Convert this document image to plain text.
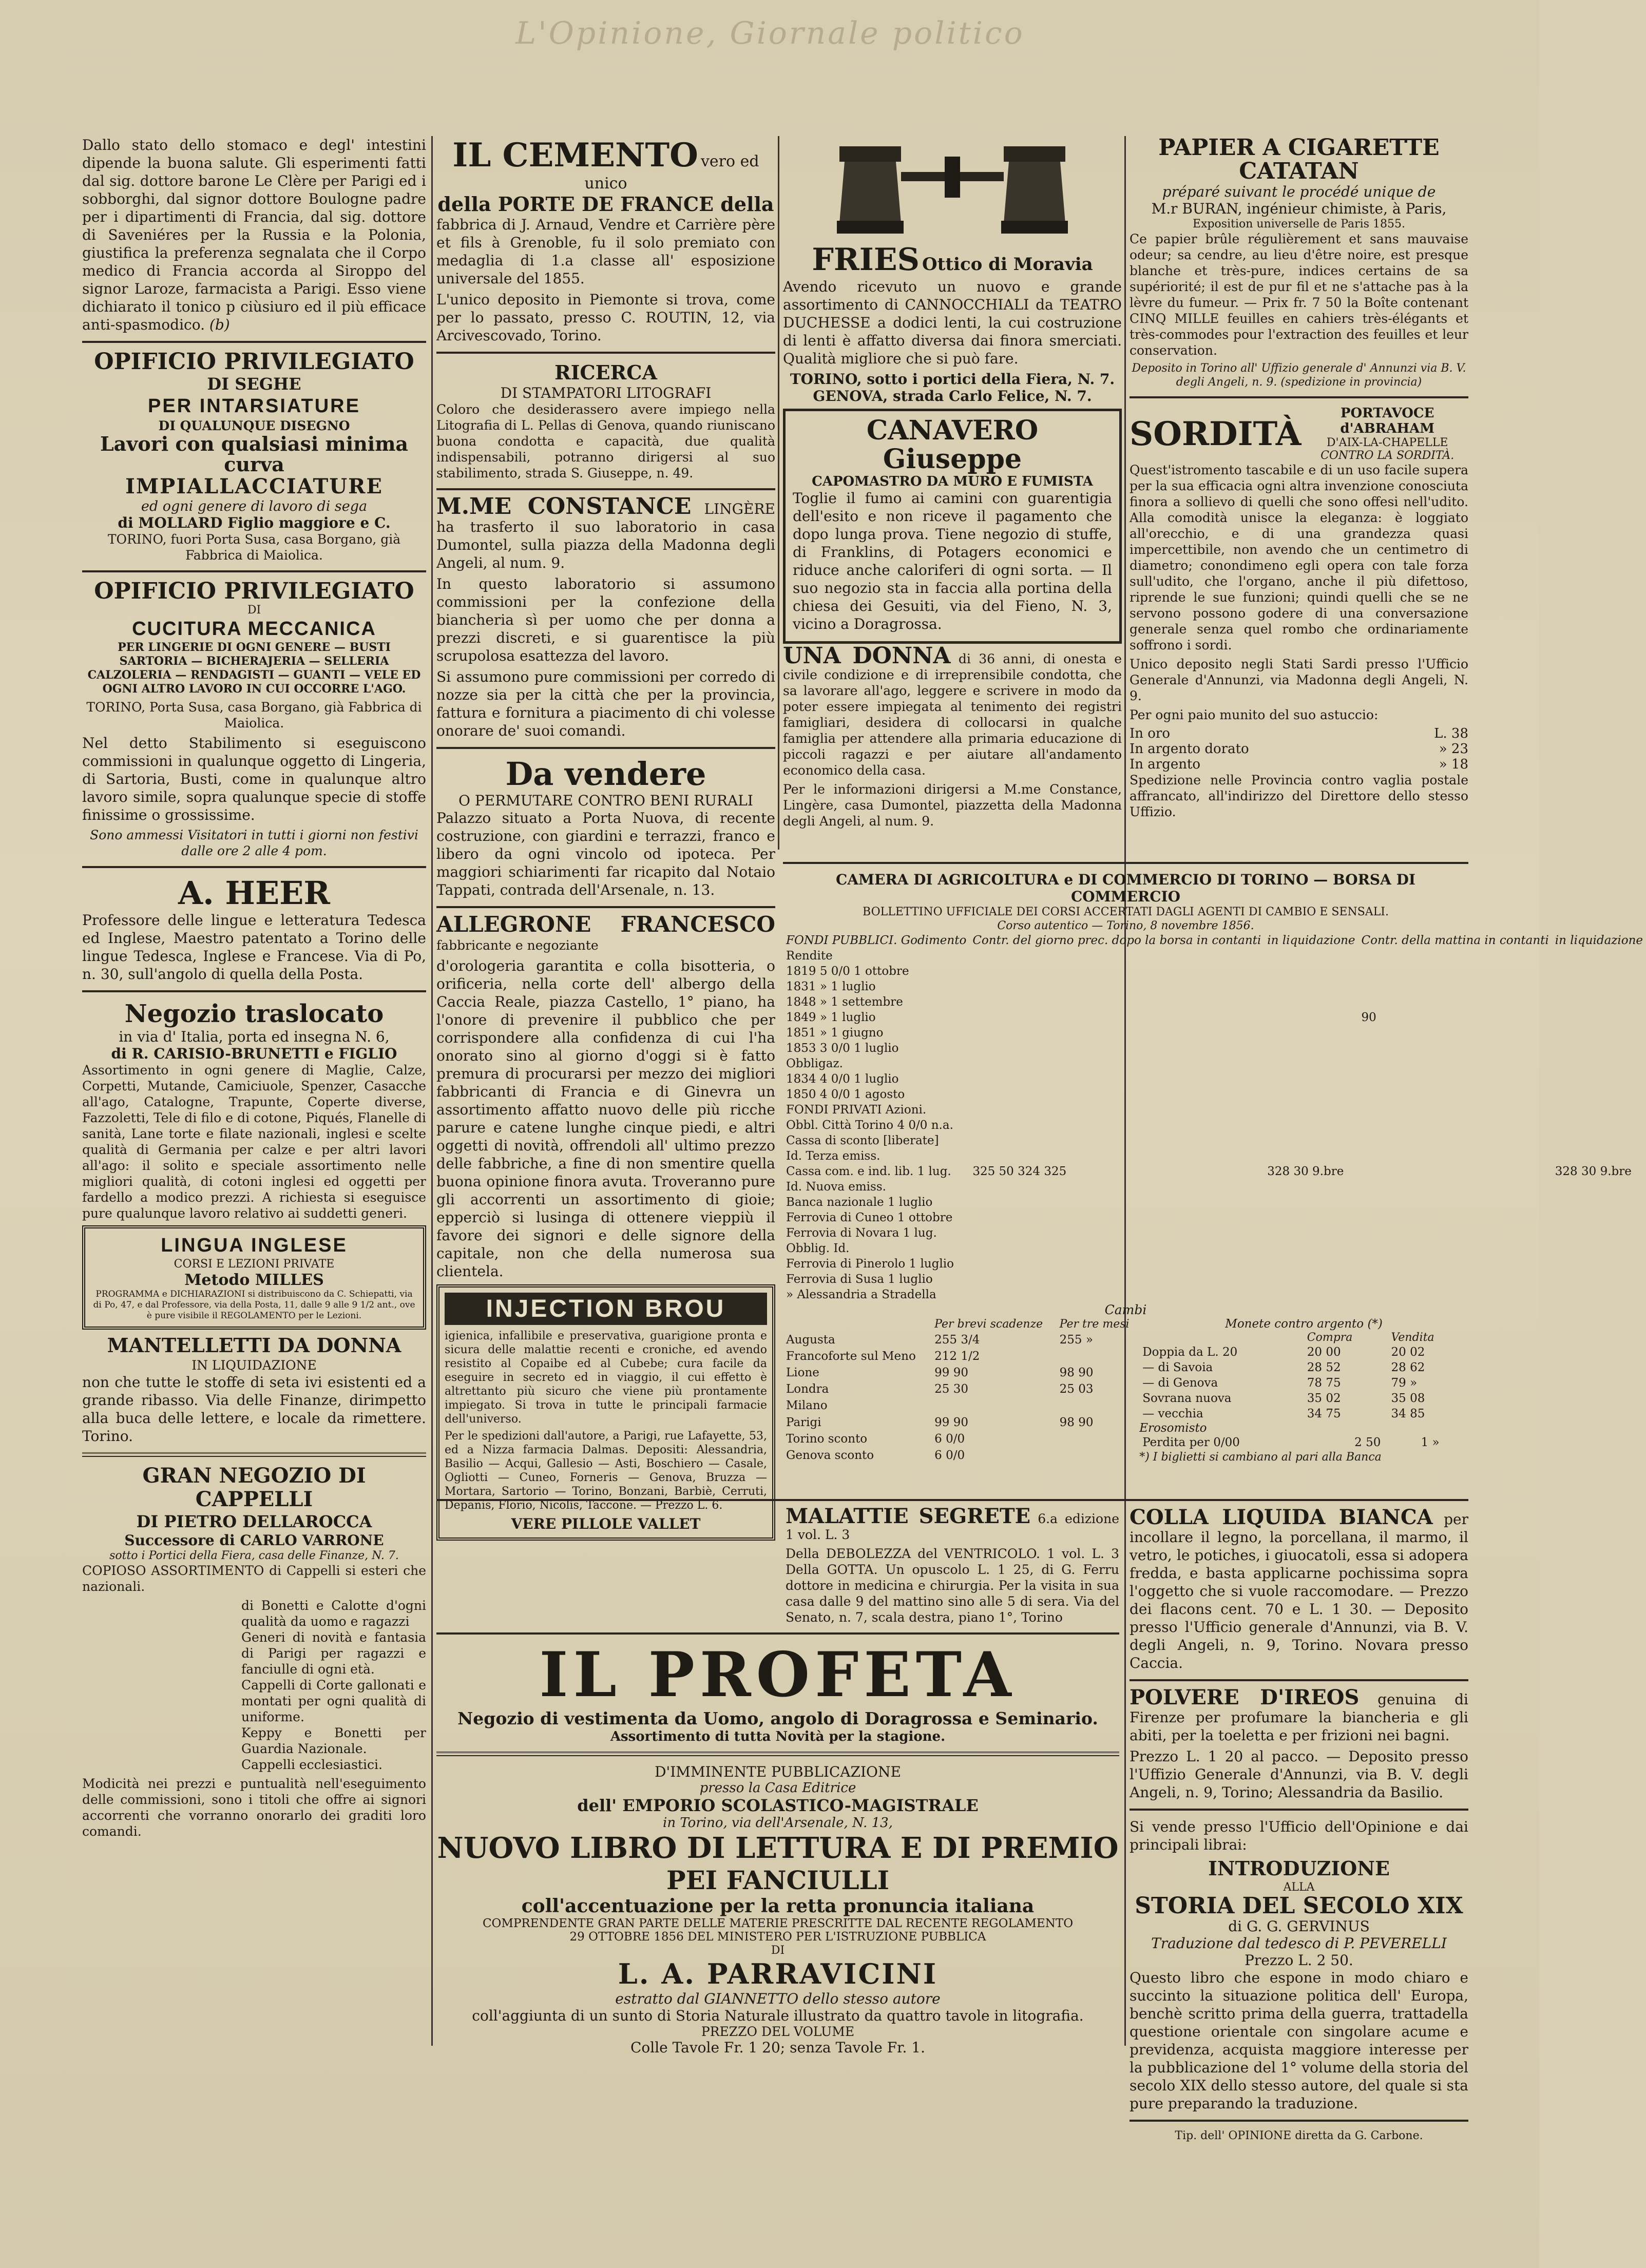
L'Opinione, Giornale politico

Dallo stato dello stomaco e degl' intestini dipende la buona salute. Gli esperimenti fatti dal sig. dottore barone Le Clère per Parigi ed i sobborghi, dal signor dottore Boulogne padre per i dipartimenti di Francia, dal sig. dottore di Saveniéres per la Russia e la Polonia, giustifica la preferenza segnalata che il Corpo medico di Francia accorda al Siroppo del signor Laroze, farmacista a Parigi. Esso viene dichiarato il tonico p ciùsiuro ed il più efficace anti-spasmodico. (b)

OPIFICIO PRIVILEGIATO
DI SEGHE
PER INTARSIATURE
DI QUALUNQUE DISEGNO
Lavori con qualsiasi minima curva
IMPIALLACCIATURE
ed ogni genere di lavoro di sega
di MOLLARD Figlio maggiore e C.
TORINO, fuori Porta Susa, casa Borgano, già Fabbrica di Maiolica.
OPIFICIO PRIVILEGIATO
DI
CUCITURA MECCANICA
PER LINGERIE DI OGNI GENERE — BUSTI SARTORIA — BICHERAJERIA — SELLERIA CALZOLERIA — RENDAGISTI — GUANTI — VELE ED OGNI ALTRO LAVORO IN CUI OCCORRE L'AGO.
TORINO, Porta Susa, casa Borgano, già Fabbrica di Maiolica.

Nel detto Stabilimento si eseguiscono commissioni in qualunque oggetto di Lingeria, di Sartoria, Busti, come in qualunque altro lavoro simile, sopra qualunque specie di stoffe finissime o grossissime.

Sono ammessi Visitatori in tutti i giorni non festivi dalle ore 2 alle 4 pom.
A. HEER

Professore delle lingue e letteratura Tedesca ed Inglese, Maestro patentato a Torino delle lingue Tedesca, Inglese e Francese. Via di Po, n. 30, sull'angolo di quella della Posta.

Negozio traslocato
in via d' Italia, porta ed insegna N. 6,
di R. CARISIO-BRUNETTI e FIGLIO

Assortimento in ogni genere di Maglie, Calze, Corpetti, Mutande, Camiciuole, Spenzer, Casacche all'ago, Catalogne, Trapunte, Coperte diverse, Fazzoletti, Tele di filo e di cotone, Piqués, Flanelle di sanità, Lane torte e filate nazionali, inglesi e scelte qualità di Germania per calze e per altri lavori all'ago: il solito e speciale assortimento nelle migliori qualità, di cotoni inglesi ed oggetti per fardello a modico prezzi. A richiesta si eseguisce pure qualunque lavoro relativo ai suddetti generi.

LINGUA INGLESE
CORSI E LEZIONI PRIVATE
Metodo MILLES
PROGRAMMA e DICHIARAZIONI si distribuiscono da C. Schiepatti, via di Po, 47, e dal Professore, via della Posta, 11, dalle 9 alle 9 1/2 ant., ove è pure visibile il REGOLAMENTO per le Lezioni.
MANTELLETTI DA DONNA
IN LIQUIDAZIONE

non che tutte le stoffe di seta ivi esistenti ed a grande ribasso. Via delle Finanze, dirimpetto alla buca delle lettere, e locale da rimettere. Torino.

GRAN NEGOZIO DI CAPPELLI
DI PIETRO DELLAROCCA
Successore di CARLO VARRONE
sotto i Portici della Fiera, casa delle Finanze, N. 7.

COPIOSO ASSORTIMENTO di Cappelli si esteri che nazionali.

di Bonetti e Calotte d'ogni qualità da uomo e ragazzi

Generi di novità e fantasia di Parigi per ragazzi e fanciulle di ogni età.

Cappelli di Corte gallonati e montati per ogni qualità di uniforme.

Keppy e Bonetti per Guardia Nazionale.

Cappelli ecclesiastici.

Modicità nei prezzi e puntualità nell'eseguimento delle commissioni, sono i titoli che offre ai signori accorrenti che vorranno onorarlo dei graditi loro comandi.

IL CEMENTO vero ed unico
della PORTE DE FRANCE della

fabbrica di J. Arnaud, Vendre et Carrière père et fils à Grenoble, fu il solo premiato con medaglia di 1.a classe all' esposizione universale del 1855.

L'unico deposito in Piemonte si trova, come per lo passato, presso C. ROUTIN, 12, via Arcivescovado, Torino.

RICERCA
DI STAMPATORI LITOGRAFI

Coloro che desiderassero avere impiego nella Litografia di L. Pellas di Genova, quando riuniscano buona condotta e capacità, due qualità indispensabili, potranno dirigersi al suo stabilimento, strada S. Giuseppe, n. 49.

M.ME CONSTANCE LINGÈRE ha trasferto il suo laboratorio in casa Dumontel, sulla piazza della Madonna degli Angeli, al num. 9.

In questo laboratorio si assumono commissioni per la confezione della biancheria sì per uomo che per donna a prezzi discreti, e si guarentisce la più scrupolosa esattezza del lavoro.

Si assumono pure commissioni per corredo di nozze sia per la città che per la provincia, fattura e fornitura a piacimento di chi volesse onorare de' suoi comandi.

Da vendere
O PERMUTARE CONTRO BENI RURALI

Palazzo situato a Porta Nuova, di recente costruzione, con giardini e terrazzi, franco e libero da ogni vincolo od ipoteca. Per maggiori schiarimenti far ricapito dal Notaio Tappati, contrada dell'Arsenale, n. 13.

ALLEGRONE FRANCESCO fabbricante e negoziante

d'orologeria garantita e colla bisotteria, o orificeria, nella corte dell' albergo della Caccia Reale, piazza Castello, 1° piano, ha l'onore di prevenire il pubblico che per corrispondere alla confidenza di cui l'ha onorato sino al giorno d'oggi si è fatto premura di procurarsi per mezzo dei migliori fabbricanti di Francia e di Ginevra un assortimento affatto nuovo delle più ricche parure e catene lunghe cinque piedi, e altri oggetti di novità, offrendoli all' ultimo prezzo delle fabbriche, a fine di non smentire quella buona opinione finora avuta. Troveranno pure gli accorrenti un assortimento di gioie; epperciò si lusinga di ottenere vieppiù il favore dei signori e delle signore della capitale, non che della numerosa sua clientela.

INJECTION BROU

igienica, infallibile e preservativa, guarigione pronta e sicura delle malattie recenti e croniche, ed avendo resistito al Copaibe ed al Cubebe; cura facile da eseguire in secreto ed in viaggio, il cui effetto è altrettanto più sicuro che viene più prontamente impiegato. Si trova in tutte le principali farmacie dell'universo.

Per le spedizioni dall'autore, a Parigi, rue Lafayette, 53, ed a Nizza farmacia Dalmas. Depositi: Alessandria, Basilio — Acqui, Gallesio — Asti, Boschiero — Casale, Ogliotti — Cuneo, Forneris — Genova, Bruzza — Mortara, Sartorio — Torino, Bonzani, Barbiè, Cerruti, Depanis, Florio, Nicolis, Taccone. — Prezzo L. 6.

VERE PILLOLE VALLET
FRIES Ottico di Moravia

Avendo ricevuto un nuovo e grande assortimento di CANNOCCHIALI da TEATRO DUCHESSE a dodici lenti, la cui costruzione di lenti è affatto diversa dai finora smerciati. Qualità migliore che si può fare.

TORINO, sotto i portici della Fiera, N. 7.
GENOVA, strada Carlo Felice, N. 7.
CANAVERO Giuseppe
CAPOMASTRO DA MURO E FUMISTA

Toglie il fumo ai camini con guarentigia dell'esito e non riceve il pagamento che dopo lunga prova. Tiene negozio di stuffe, di Franklins, di Potagers economici e riduce anche caloriferi di ogni sorta. — Il suo negozio sta in faccia alla portina della chiesa dei Gesuiti, via del Fieno, N. 3, vicino a Doragrossa.

UNA DONNA di 36 anni, di onesta e civile condizione e di irreprensibile condotta, che sa lavorare all'ago, leggere e scrivere in modo da poter essere impiegata al tenimento dei registri famigliari, desidera di collocarsi in qualche famiglia per attendere alla primaria educazione di piccoli ragazzi e per aiutare all'andamento economico della casa.

Per le informazioni dirigersi a M.me Constance, Lingère, casa Dumontel, piazzetta della Madonna degli Angeli, al num. 9.

PAPIER A CIGARETTE CATATAN
préparé suivant le procédé unique de
M.r BURAN, ingénieur chimiste, à Paris,
Exposition universelle de Paris 1855.

Ce papier brûle régulièrement et sans mauvaise odeur; sa cendre, au lieu d'être noire, est presque blanche et très-pure, indices certains de sa supériorité; il est de pur fil et ne s'attache pas à la lèvre du fumeur. — Prix fr. 7 50 la Boîte contenant CINQ MILLE feuilles en cahiers très-élégants et très-commodes pour l'extraction des feuilles et leur conservation.

Deposito in Torino all' Uffizio generale d' Annunzi via B. V. degli Angeli, n. 9. (spedizione in provincia)
SORDITÀ
PORTAVOCE d'ABRAHAM
D'AIX-LA-CHAPELLE
CONTRO LA SORDITÀ.

Quest'istromento tascabile e di un uso facile supera per la sua efficacia ogni altra invenzione conosciuta finora a sollievo di quelli che sono offesi nell'udito. Alla comodità unisce la eleganza: è loggiato all'orecchio, e di una grandezza quasi impercettibile, non avendo che un centimetro di diametro; conondimeno egli opera con tale forza sull'udito, che l'organo, anche il più difettoso, riprende le sue funzioni; quindi quelli che se ne servono possono godere di una conversazione generale senza quel rombo che ordinariamente soffrono i sordi.

Unico deposito negli Stati Sardi presso l'Ufficio Generale d'Annunzi, via Madonna degli Angeli, N. 9.

Per ogni paio munito del suo astuccio:

In oro	L. 38
In argento dorato	» 23
In argento	» 18

Spedizione nelle Provincia contro vaglia postale affrancato, all'indirizzo del Direttore dello stesso Uffizio.

CAMERA DI AGRICOLTURA e DI COMMERCIO DI TORINO — BORSA DI COMMERCIO
BOLLETTINO UFFICIALE DEI CORSI ACCERTATI DAGLI AGENTI DI CAMBIO E SENSALI.
Corso autentico — Torino, 8 novembre 1856.
FONDI PUBBLICI. Godimento	Contr. del giorno prec. dopo la borsa in contanti	in liquidazione	Contr. della mattina in contanti	in liquidazione
Rendite				
1819 5 0/0 1 ottobre				
1831 » 1 luglio				
1848 » 1 settembre				
1849 » 1 luglio			90	
1851 » 1 giugno				
1853 3 0/0 1 luglio				
Obbligaz.				
1834 4 0/0 1 luglio				
1850 4 0/0 1 agosto				
FONDI PRIVATI Azioni.				
Obbl. Città Torino 4 0/0 n.a.				
Cassa di sconto [liberate]				
Id. Terza emiss.				
Cassa com. e ind. lib. 1 lug.	325 50 324 325	328 30 9.bre		328 30 9.bre
Id. Nuova emiss.				
Banca nazionale 1 luglio				
Ferrovia di Cuneo 1 ottobre				
Ferrovia di Novara 1 lug.				
Obblig. Id.				
Ferrovia di Pinerolo 1 luglio				
Ferrovia di Susa 1 luglio				
» Alessandria a Stradella				
Cambi
	Per brevi scadenze	Per tre mesi
Augusta	255 3/4	255 »
Francoforte sul Meno	212 1/2	
Lione	99 90	98 90
Londra	25 30	25 03
Milano		
Parigi	99 90	98 90
Torino sconto	6 0/0	
Genova sconto	6 0/0	
Monete contro argento (*)
	Compra	Vendita
Doppia da L. 20	20 00	20 02
— di Savoia	28 52	28 62
— di Genova	78 75	79 »
Sovrana nuova	35 02	35 08
— vecchia	34 75	34 85
Erosomisto
Perdita per 0/00	2 50	1 »
*) I biglietti si cambiano al pari alla Banca

MALATTIE SEGRETE 6.a edizione 1 vol. L. 3

Della DEBOLEZZA del VENTRICOLO. 1 vol. L. 3 Della GOTTA. Un opuscolo L. 1 25, di G. Ferru dottore in medicina e chirurgia. Per la visita in sua casa dalle 9 del mattino sino alle 5 di sera. Via del Senato, n. 7, scala destra, piano 1°, Torino

IL PROFETA
Negozio di vestimenta da Uomo, angolo di Doragrossa e Seminario.
Assortimento di tutta Novità per la stagione.
D'IMMINENTE PUBBLICAZIONE
presso la Casa Editrice
dell' EMPORIO SCOLASTICO-MAGISTRALE
in Torino, via dell'Arsenale, N. 13,
NUOVO LIBRO DI LETTURA E DI PREMIO
PEI FANCIULLI
coll'accentuazione per la retta pronuncia italiana
COMPRENDENTE GRAN PARTE DELLE MATERIE PRESCRITTE DAL RECENTE REGOLAMENTO
29 OTTOBRE 1856 DEL MINISTERO PER L'ISTRUZIONE PUBBLICA
DI
L. A. PARRAVICINI
estratto dal GIANNETTO dello stesso autore
coll'aggiunta di un sunto di Storia Naturale illustrato da quattro tavole in litografia.
PREZZO DEL VOLUME
Colle Tavole Fr. 1 20; senza Tavole Fr. 1.

COLLA LIQUIDA BIANCA per incollare il legno, la porcellana, il marmo, il vetro, le potiches, i giuocatoli, essa si adopera fredda, e basta applicarne pochissima sopra l'oggetto che si vuole raccomodare. — Prezzo dei flacons cent. 70 e L. 1 30. — Deposito presso l'Ufficio generale d'Annunzi, via B. V. degli Angeli, n. 9, Torino. Novara presso Caccia.

POLVERE D'IREOS genuina di Firenze per profumare la biancheria e gli abiti, per la toeletta e per frizioni nei bagni.

Prezzo L. 1 20 al pacco. — Deposito presso l'Uffizio Generale d'Annunzi, via B. V. degli Angeli, n. 9, Torino; Alessandria da Basilio.

Si vende presso l'Ufficio dell'Opinione e dai principali librai:

INTRODUZIONE
ALLA
STORIA DEL SECOLO XIX
di G. G. GERVINUS
Traduzione dal tedesco di P. PEVERELLI
Prezzo L. 2 50.

Questo libro che espone in modo chiaro e succinto la situazione politica dell' Europa, benchè scritto prima della guerra, trattadella questione orientale con singolare acume e previdenza, acquista maggiore interesse per la pubblicazione del 1° volume della storia del secolo XIX dello stesso autore, del quale si sta pure preparando la traduzione.

Tip. dell' OPINIONE diretta da G. Carbone.
